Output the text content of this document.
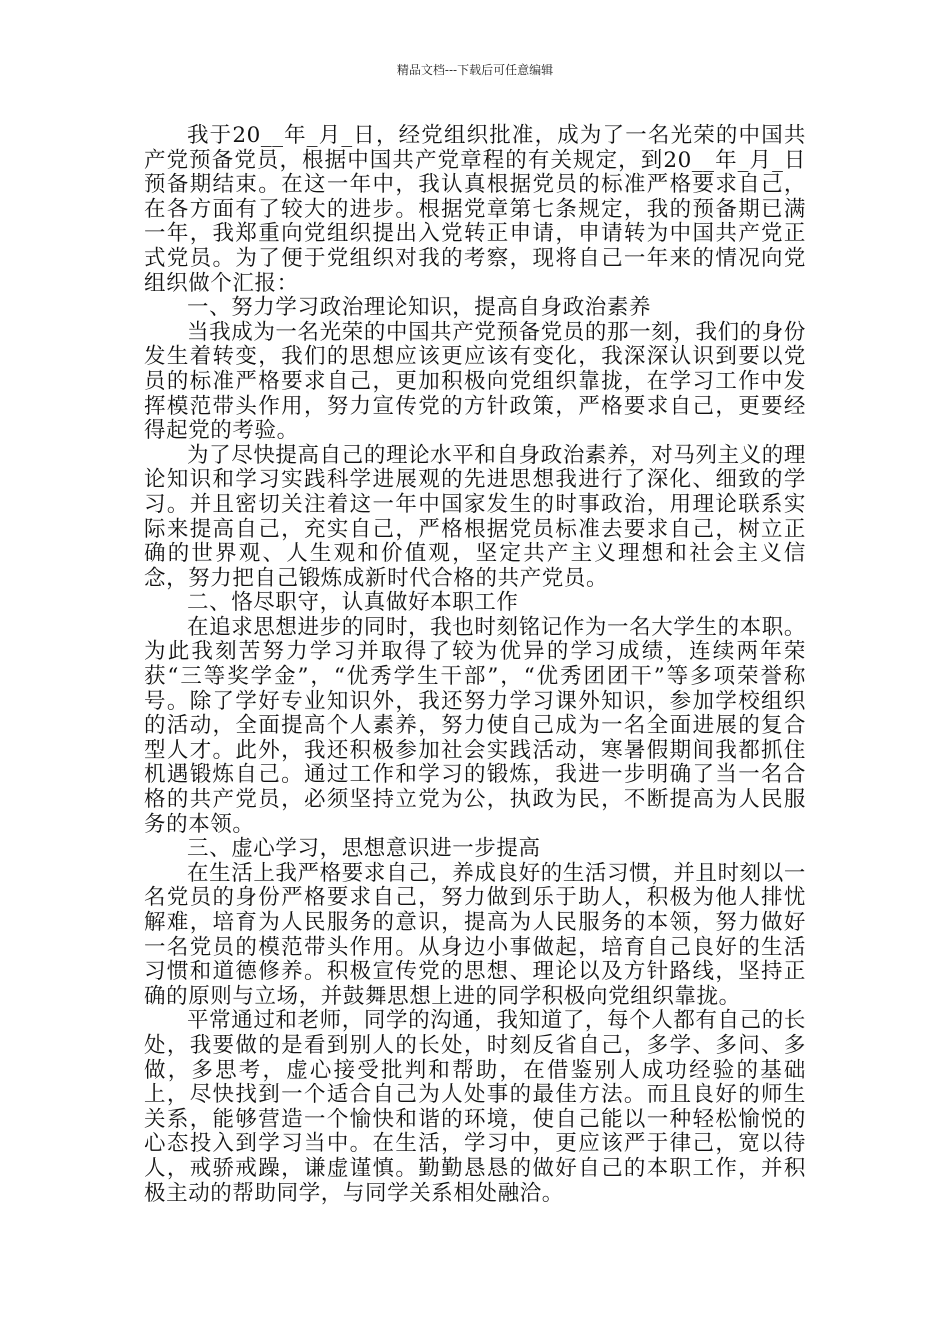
精品文档---下载后可任意编辑

我于20__年_月_日，经党组织批准，成为了一名光荣的中国共产党预备党员，根据中国共产党章程的有关规定，到20__年_月_日预备期结束。在这一年中，我认真根据党员的标准严格要求自己，在各方面有了较大的进步。根据党章第七条规定，我的预备期已满一年，我郑重向党组织提出入党转正申请，申请转为中国共产党正式党员。为了便于党组织对我的考察，现将自己一年来的情况向党组织做个汇报：

一、努力学习政治理论知识，提高自身政治素养

当我成为一名光荣的中国共产党预备党员的那一刻，我们的身份发生着转变，我们的思想应该更应该有变化，我深深认识到要以党员的标准严格要求自己，更加积极向党组织靠拢，在学习工作中发挥模范带头作用，努力宣传党的方针政策，严格要求自己，更要经得起党的考验。

为了尽快提高自己的理论水平和自身政治素养，对马列主义的理论知识和学习实践科学进展观的先进思想我进行了深化、细致的学习。并且密切关注着这一年中国家发生的时事政治，用理论联系实际来提高自己，充实自己，严格根据党员标准去要求自己，树立正确的世界观、人生观和价值观，坚定共产主义理想和社会主义信念，努力把自己锻炼成新时代合格的共产党员。

二、恪尽职守，认真做好本职工作

在追求思想进步的同时，我也时刻铭记作为一名大学生的本职。为此我刻苦努力学习并取得了较为优异的学习成绩，连续两年荣获“三等奖学金”，“优秀学生干部”，“优秀团团干”等多项荣誉称号。除了学好专业知识外，我还努力学习课外知识，参加学校组织的活动，全面提高个人素养，努力使自己成为一名全面进展的复合型人才。此外，我还积极参加社会实践活动，寒暑假期间我都抓住机遇锻炼自己。通过工作和学习的锻炼，我进一步明确了当一名合格的共产党员，必须坚持立党为公，执政为民，不断提高为人民服务的本领。

三、虚心学习，思想意识进一步提高

在生活上我严格要求自己，养成良好的生活习惯，并且时刻以一名党员的身份严格要求自己，努力做到乐于助人，积极为他人排忧解难，培育为人民服务的意识，提高为人民服务的本领，努力做好一名党员的模范带头作用。从身边小事做起，培育自己良好的生活习惯和道德修养。积极宣传党的思想、理论以及方针路线，坚持正确的原则与立场，并鼓舞思想上进的同学积极向党组织靠拢。

平常通过和老师，同学的沟通，我知道了，每个人都有自己的长处，我要做的是看到别人的长处，时刻反省自己，多学、多问、多做，多思考，虚心接受批判和帮助，在借鉴别人成功经验的基础上，尽快找到一个适合自己为人处事的最佳方法。而且良好的师生关系，能够营造一个愉快和谐的环境，使自己能以一种轻松愉悦的心态投入到学习当中。在生活，学习中，更应该严于律己，宽以待人，戒骄戒躁，谦虚谨慎。勤勤恳恳的做好自己的本职工作，并积极主动的帮助同学，与同学关系相处融洽。
